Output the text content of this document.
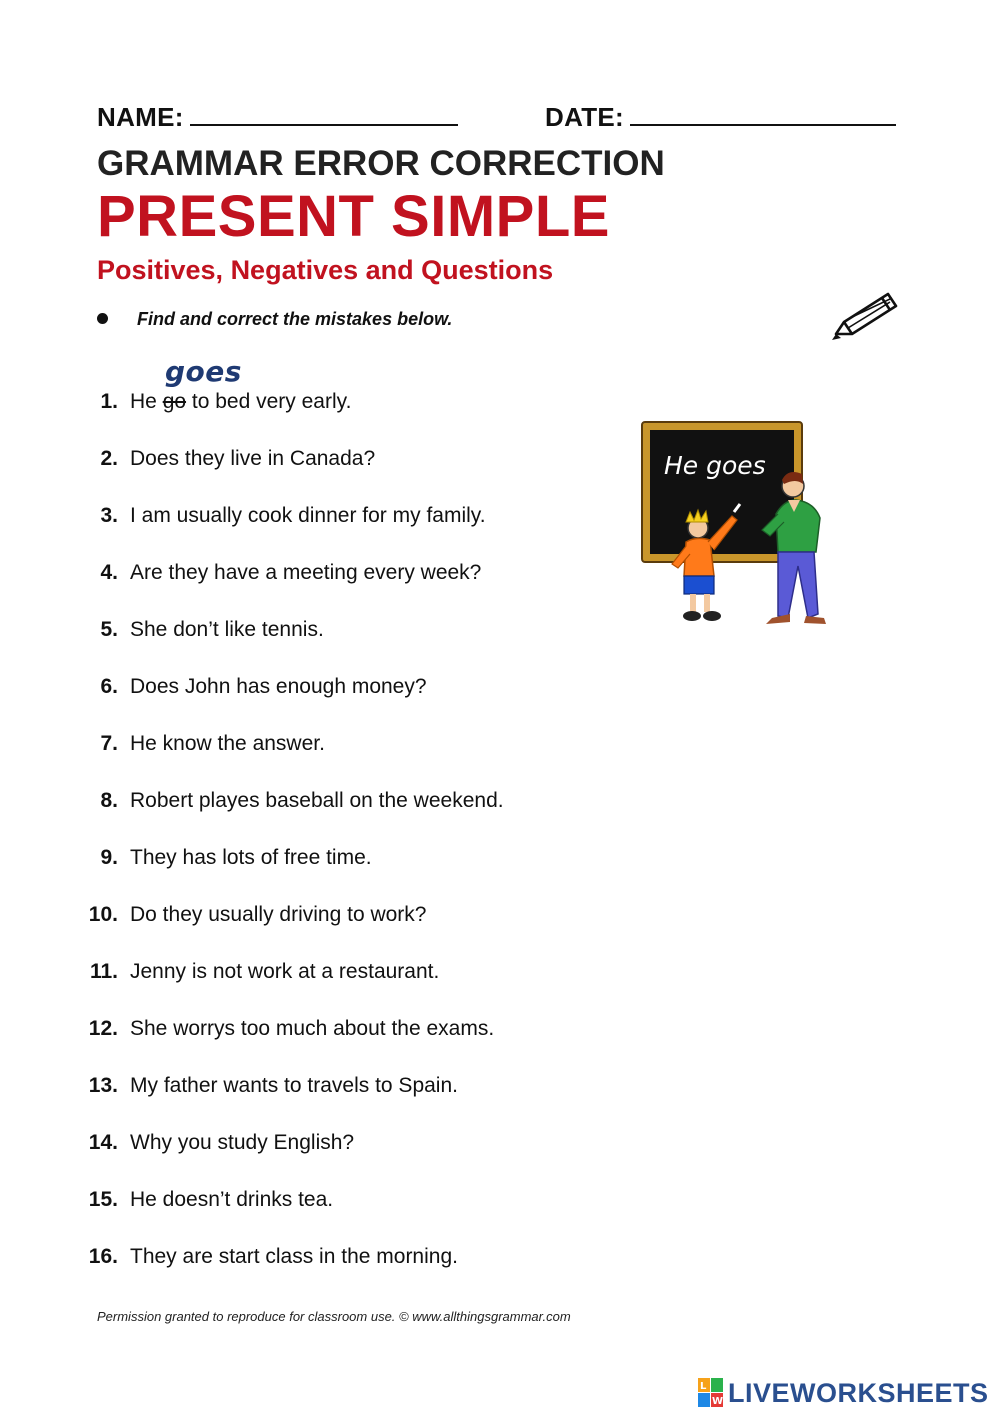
NAME:	DATE:
GRAMMAR ERROR CORRECTION
PRESENT SIMPLE
Positives, Negatives and Questions
Find and correct the mistakes below.
goes
1. He go to bed very early.
2. Does they live in Canada?
3. I am usually cook dinner for my family.
4. Are they have a meeting every week?
5. She don’t like tennis.
6. Does John has enough money?
7. He know the answer.
8. Robert playes baseball on the weekend.
9. They has lots of free time.
10. Do they usually driving to work?
11. Jenny is not work at a restaurant.
12. She worrys too much about the exams.
13. My father wants to travels to Spain.
14. Why you study English?
15. He doesn’t drinks tea.
16. They are start class in the morning.
He goes
Permission granted to reproduce for classroom use. © www.allthingsgrammar.com
L
W LIVEWORKSHEETS
